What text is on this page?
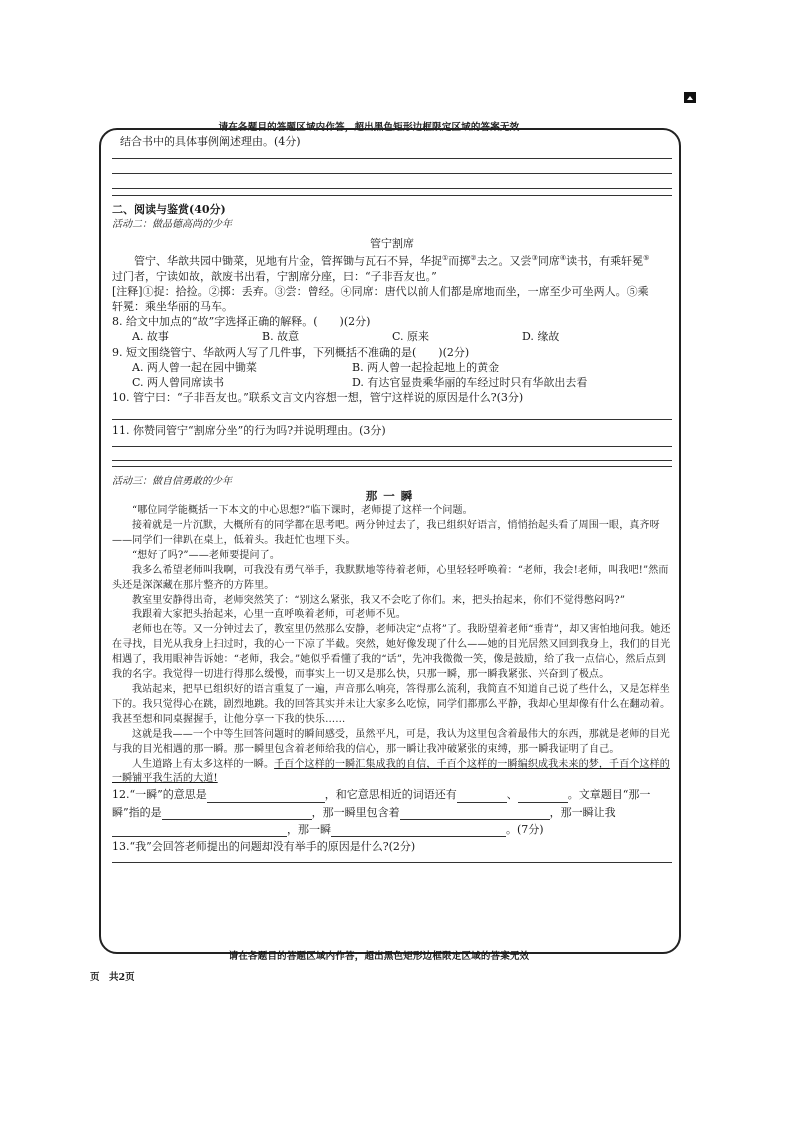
请在各题目的答题区域内作答，超出黑色矩形边框限定区域的答案无效

结合书中的具体事例阐述理由。(4分)

二、阅读与鉴赏(40分)

活动二：做品德高尚的少年

管宁割席

管宁、华歆共园中锄菜，见地有片金，管挥锄与瓦石不异，华捉①而掷②去之。又尝③同席④读书，有乘轩冕⑤

过门者，宁读如故，歆废书出看，宁割席分座，曰：“子非吾友也。”

[注释]①捉：拾捡。②掷：丢弃。③尝：曾经。④同席：唐代以前人们都是席地而坐，一席至少可坐两人。⑤乘

轩冕：乘坐华丽的马车。

8. 给文中加点的“故”字选择正确的解释。(　　)(2分)

A. 故事	B. 故意	C. 原来	D. 缘故

9. 短文围绕管宁、华歆两人写了几件事，下列概括不准确的是(　　)(2分)

A. 两人曾一起在园中锄菜	B. 两人曾一起捡起地上的黄金
C. 两人曾同席读书	D. 有达官显贵乘华丽的车经过时只有华歆出去看

10. 管宁曰：“子非吾友也。”联系文言文内容想一想，管宁这样说的原因是什么?(3分)

11. 你赞同管宁“割席分坐”的行为吗?并说明理由。(3分)

活动三：做自信勇敢的少年

那一瞬

“哪位同学能概括一下本文的中心思想?”临下课时，老师提了这样一个问题。

接着就是一片沉默，大概所有的同学都在思考吧。两分钟过去了，我已组织好语言，悄悄抬起头看了周围一眼，真齐呀——同学们一律趴在桌上，低着头。我赶忙也埋下头。

“想好了吗?”——老师要提问了。

我多么希望老师叫我啊，可我没有勇气举手，我默默地等待着老师，心里轻轻呼唤着：“老师，我会!老师，叫我吧!”然而头还是深深藏在那片整齐的方阵里。

教室里安静得出奇，老师突然笑了：“别这么紧张，我又不会吃了你们。来，把头抬起来，你们不觉得憋闷吗?”

我跟着大家把头抬起来，心里一直呼唤着老师，可老师不见。

老师也在等。又一分钟过去了，教室里仍然那么安静，老师决定“点将”了。我盼望着老师“垂青”，却又害怕地问我。她还在寻找，目光从我身上扫过时，我的心一下凉了半截。突然，她好像发现了什么——她的目光居然又回到我身上，我们的目光相遇了，我用眼神告诉她：“老师，我会。”她似乎看懂了我的“话”，先冲我微微一笑，像是鼓励，给了我一点信心，然后点到我的名字。我觉得一切进行得那么缓慢，而事实上一切又是那么快，只那一瞬，那一瞬我紧张、兴奋到了极点。

我站起来，把早已组织好的语言重复了一遍，声音那么响亮，答得那么流利，我简直不知道自己说了些什么，又是怎样坐下的。我只觉得心在跳，剧烈地跳。我的回答其实并未让大家多么吃惊，同学们都那么平静，我却心里却像有什么在翻动着。我甚至想和同桌握握手，让他分享一下我的快乐……

这就是我——一个中等生回答问题时的瞬间感受，虽然平凡，可是，我认为这里包含着最伟大的东西，那就是老师的目光与我的目光相遇的那一瞬。那一瞬里包含着老师给我的信心，那一瞬让我冲破紧张的束缚，那一瞬我证明了自己。

人生道路上有太多这样的一瞬。千百个这样的一瞬汇集成我的自信，千百个这样的一瞬编织成我未来的梦，千百个这样的一瞬铺平我生活的大道!

12.“一瞬”的意思是	，和它意思相近的词语还有	、	。文章题目“那一

瞬”指的是	，那一瞬里包含着	，那一瞬让我

，那一瞬	。(7分)

13.“我”会回答老师提出的问题却没有举手的原因是什么?(2分)

请在各题目的答题区域内作答，超出黑色矩形边框限定区域的答案无效
页　共2页
